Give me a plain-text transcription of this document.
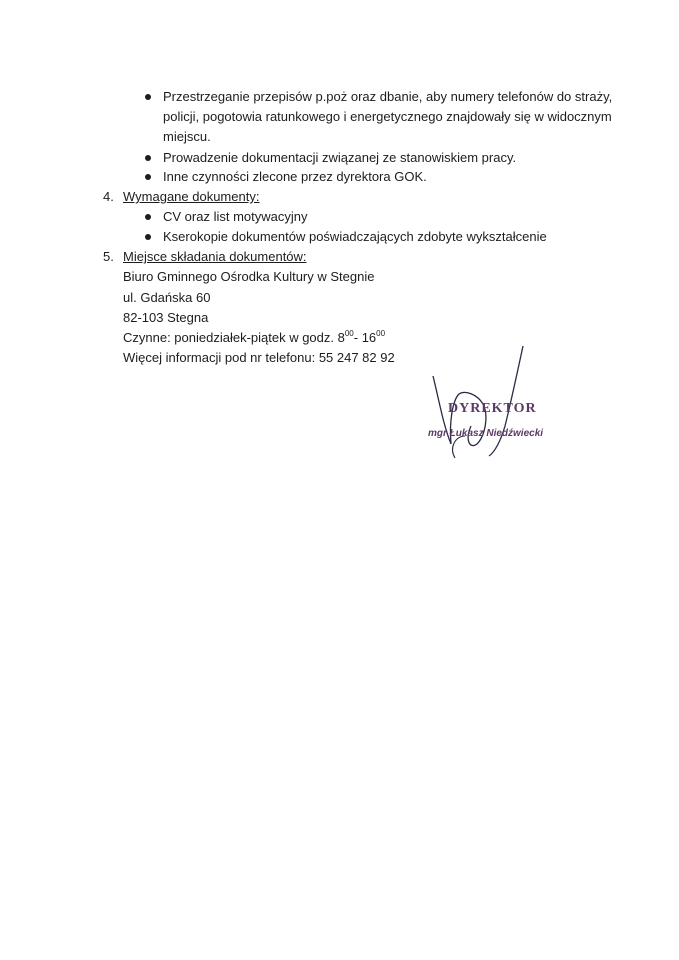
Przestrzeganie przepisów p.poż oraz dbanie, aby numery telefonów do straży,
policji, pogotowia ratunkowego i energetycznego znajdowały się w widocznym
miejscu.
Prowadzenie dokumentacji związanej ze stanowiskiem pracy.
Inne czynności zlecone przez dyrektora GOK.
4. Wymagane dokumenty:
CV oraz list motywacyjny
Kserokopie dokumentów poświadczających zdobyte wykształcenie
5. Miejsce składania dokumentów:
Biuro Gminnego Ośrodka Kultury w Stegnie
ul. Gdańska 60
82-103 Stegna
Czynne: poniedziałek-piątek w godz. $8^{00}-$ $16^{00}$
Więcej informacji pod nr telefonu: 55 247 82 92
DYREKTOR
mgr Łukasz Niedźwiecki
